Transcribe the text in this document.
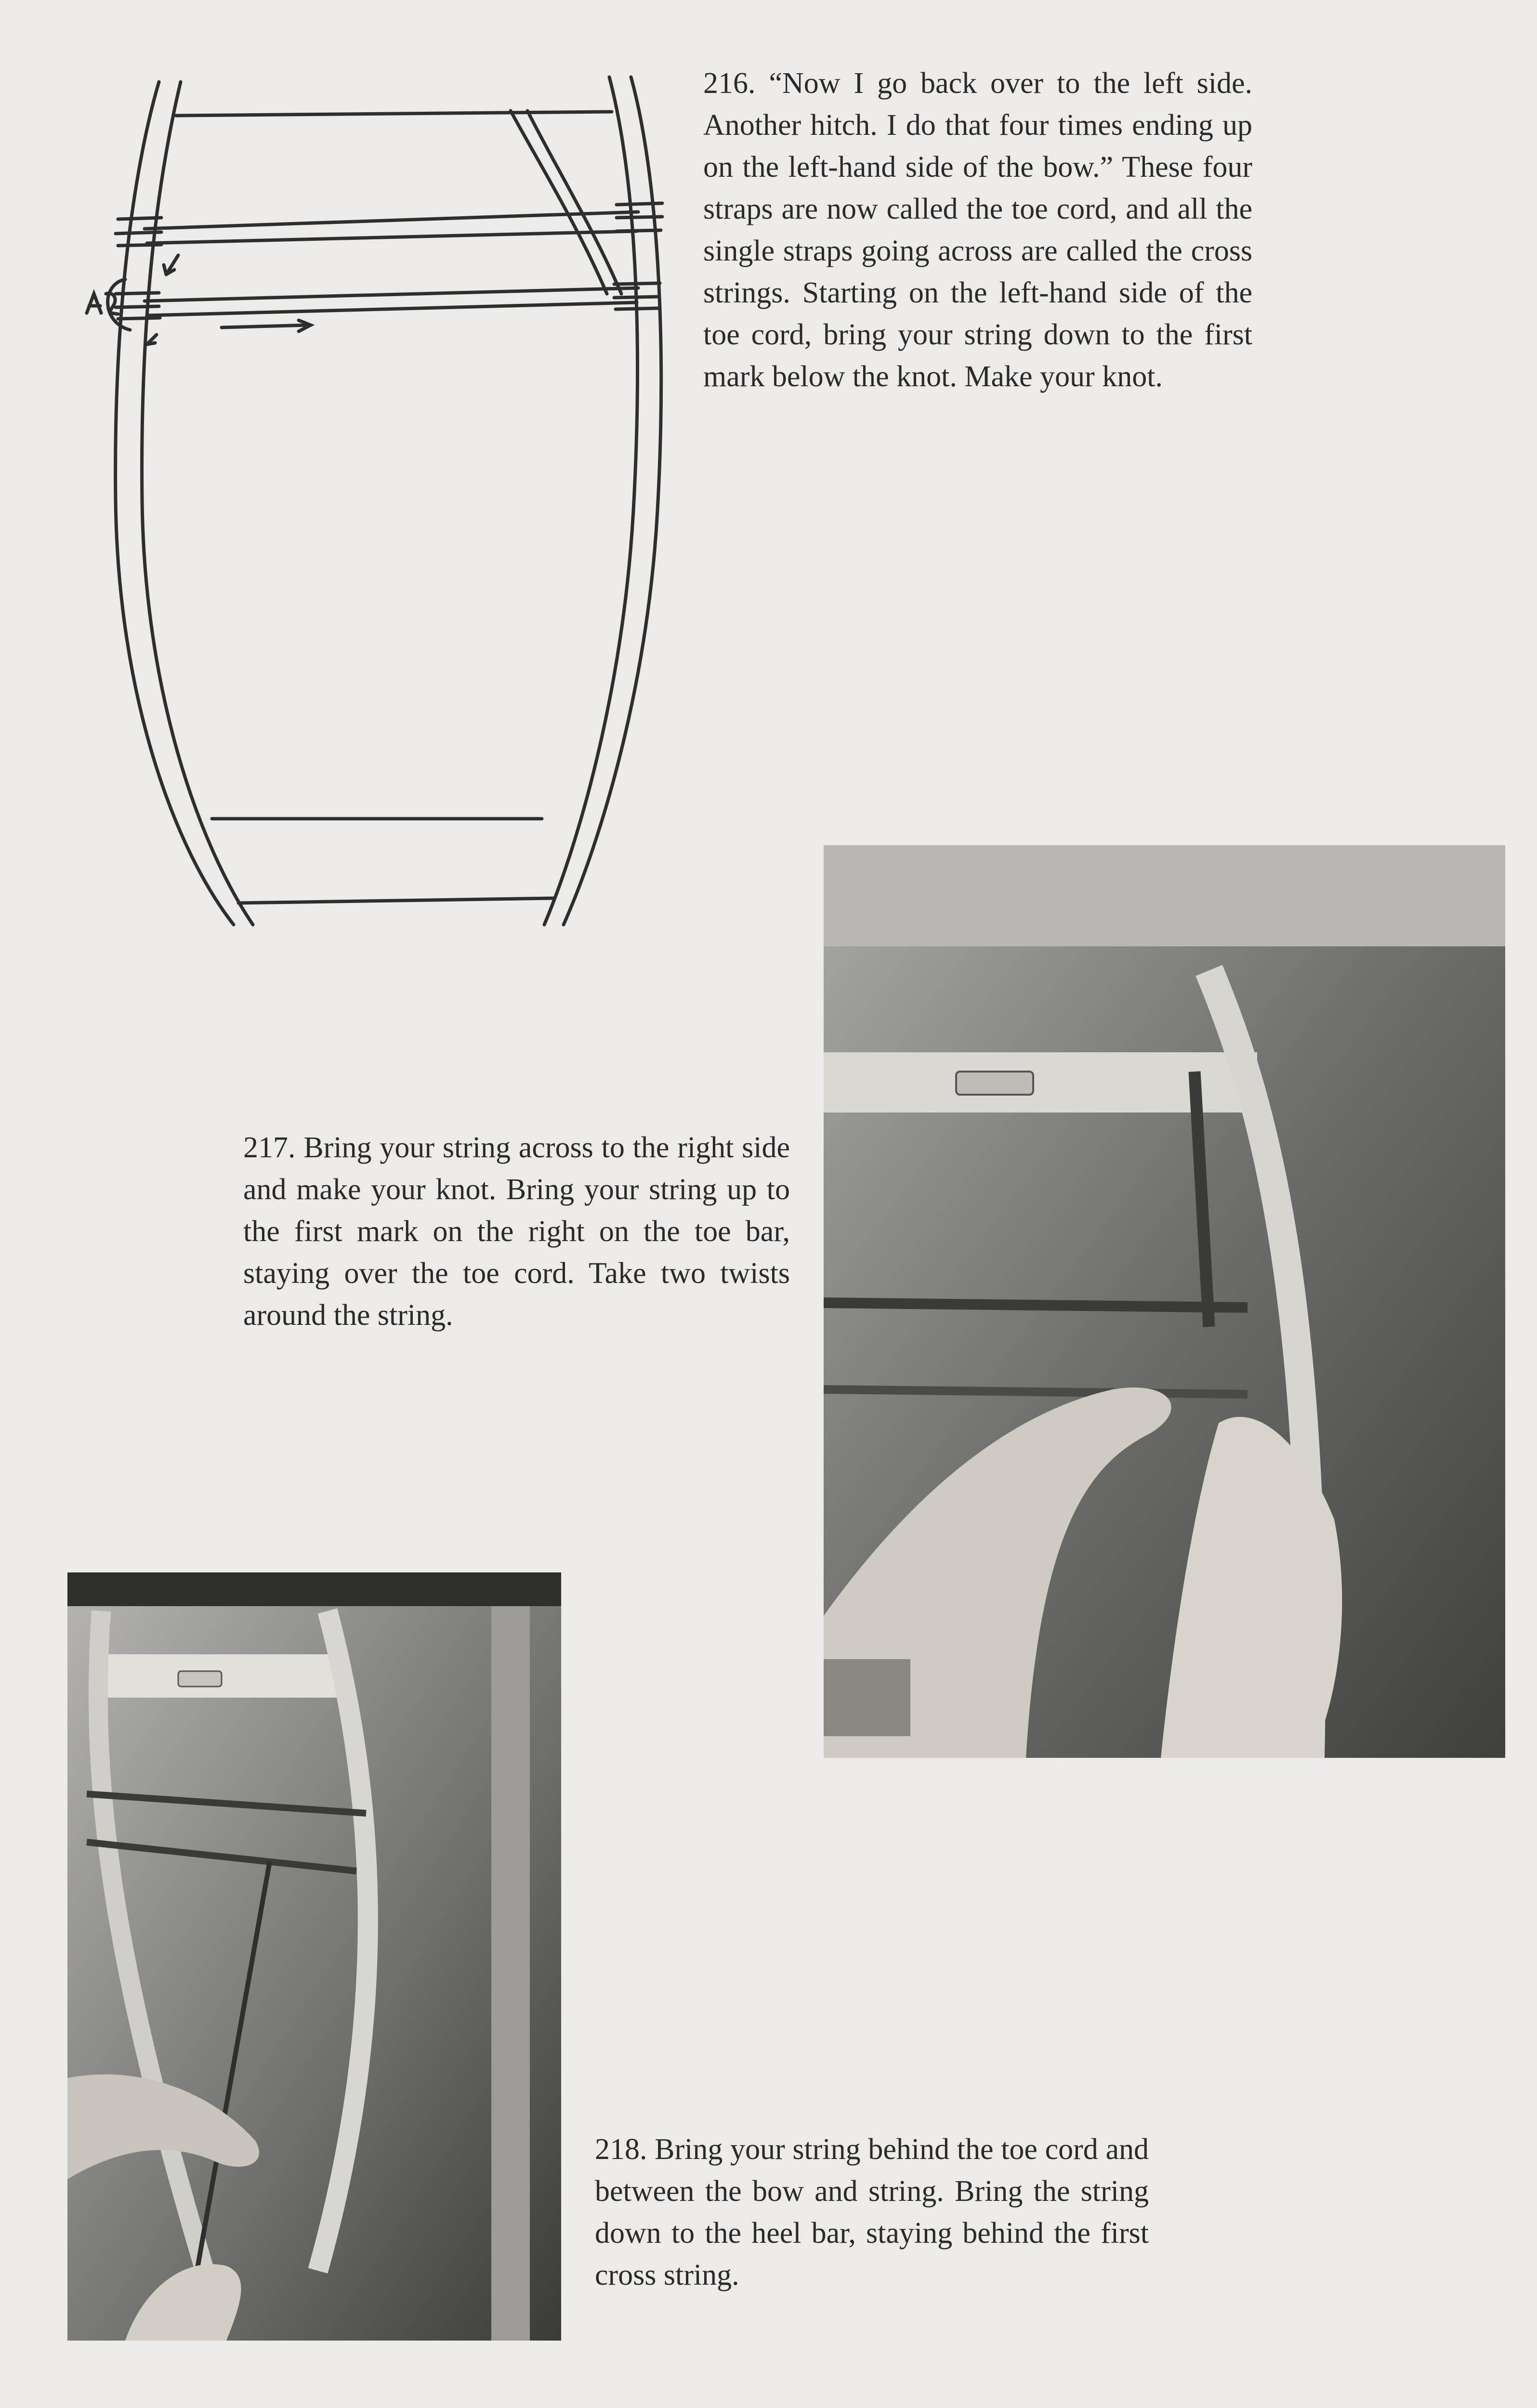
216. “Now I go back over to the left side. Another hitch. I do that four times ending up on the left-hand side of the bow.” These four straps are now called the toe cord, and all the single straps going across are called the cross strings. Starting on the left-hand side of the toe cord, bring your string down to the first mark below the knot. Make your knot.

217. Bring your string across to the right side and make your knot. Bring your string up to the first mark on the right on the toe bar, staying over the toe cord. Take two twists around the string.

218. Bring your string behind the toe cord and between the bow and string. Bring the string down to the heel bar, staying behind the first cross string.
